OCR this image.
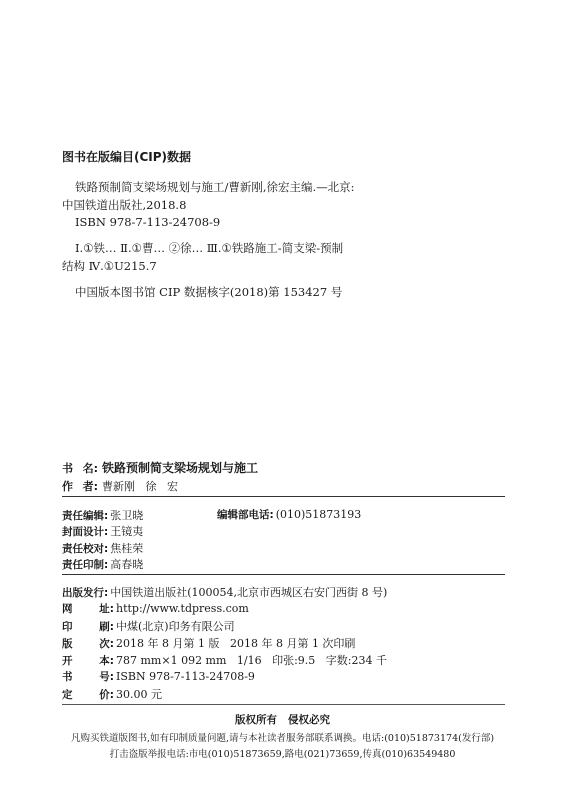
图书在版编目(CIP)数据
铁路预制简支梁场规划与施工/曹新刚,徐宏主编.—北京:
中国铁道出版社,2018.8
ISBN 978-7-113-24708-9
Ⅰ.①铁… Ⅱ.①曹… ②徐… Ⅲ.①铁路施工-简支梁-预制
结构 Ⅳ.①U215.7
中国版本图书馆 CIP 数据核字(2018)第 153427 号
书 名: 铁路预制简支梁场规划与施工
作 者: 曹新刚   徐   宏
责任编辑: 张卫晓	编辑部电话: (010)51873193
封面设计: 王镜夷
责任校对: 焦桂荣
责任印制: 高春晓
出版发行: 中国铁道出版社(100054,北京市西城区右安门西街 8 号)
网	址: http://www.tdpress.com
印	刷: 中煤(北京)印务有限公司
版	次: 2018 年 8 月第 1 版   2018 年 8 月第 1 次印刷
开	本: 787 mm×1 092 mm   1/16   印张:9.5   字数:234 千
书	号: ISBN 978-7-113-24708-9
定	价: 30.00 元
版权所有   侵权必究
凡购买铁道版图书,如有印制质量问题,请与本社读者服务部联系调换。电话:(010)51873174(发行部)
打击盗版举报电话:市电(010)51873659,路电(021)73659,传真(010)63549480
